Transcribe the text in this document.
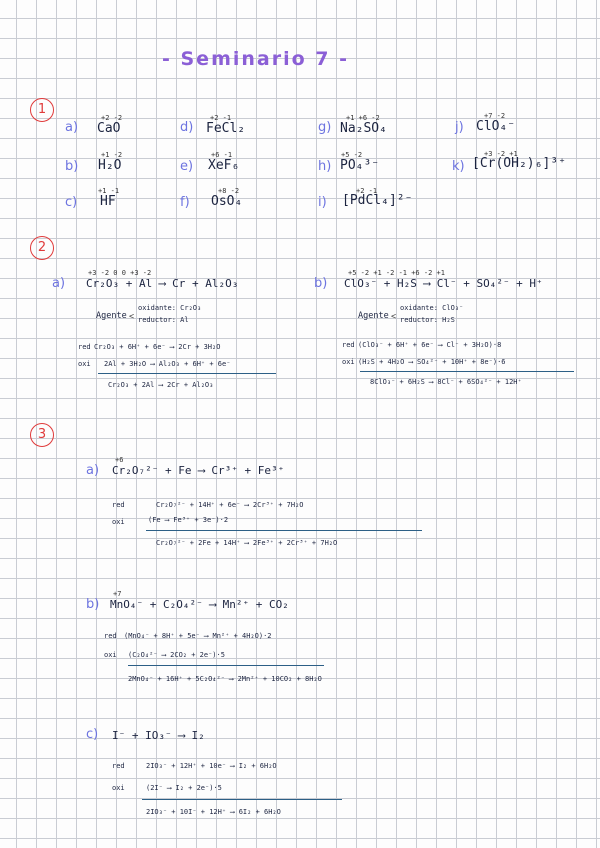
- Seminario 7 -
1
a)
+2 -2
CaO	d)
+2 -1
FeCl₂	g)
+1 +6 -2
Na₂SO₄	j)
+7 -2
ClO₄⁻
b)
+1 -2
H₂O	e)
+6 -1
XeF₆	h)
+5 -2
PO₄³⁻	k)
+3 -2 +1
[Cr(OH₂)₆]³⁺
c)
+1 -1
HF	f)
+8 -2
OsO₄	i)
+2 -1
[PdCl₄]²⁻
2
a)
+3 -2 0 0 +3 -2
Cr₂O₃ + Al ⟶ Cr + Al₂O₃
Agente <
oxidante: Cr₂O₃
reductor: Al
red Cr₂O₃ + 6H⁺ + 6e⁻ ⟶ 2Cr + 3H₂O
oxi 2Al + 3H₂O ⟶ Al₂O₃ + 6H⁺ + 6e⁻
Cr₂O₃ + 2Al ⟶ 2Cr + Al₂O₃
b)
+5 -2 +1 -2 -1 +6 -2 +1
ClO₃⁻ + H₂S ⟶ Cl⁻ + SO₄²⁻ + H⁺
Agente <
oxidante: ClO₃⁻
reductor: H₂S
red (ClO₃⁻ + 6H⁺ + 6e⁻ ⟶ Cl⁻ + 3H₂O)·8
oxi (H₂S + 4H₂O ⟶ SO₄²⁻ + 10H⁺ + 8e⁻)·6
8ClO₃⁻ + 6H₂S ⟶ 8Cl⁻ + 6SO₄²⁻ + 12H⁺
3
a)
+6
Cr₂O₇²⁻ + Fe ⟶ Cr³⁺ + Fe³⁺
red	Cr₂O₇²⁻ + 14H⁺ + 6e⁻ ⟶ 2Cr³⁺ + 7H₂O
oxi	(Fe ⟶ Fe³⁺ + 3e⁻)·2
Cr₂O₇²⁻ + 2Fe + 14H⁺ ⟶ 2Fe³⁺ + 2Cr³⁺ + 7H₂O
b)
+7
MnO₄⁻ + C₂O₄²⁻ ⟶ Mn²⁺ + CO₂
red (MnO₄⁻ + 8H⁺ + 5e⁻ ⟶ Mn²⁺ + 4H₂O)·2
oxi (C₂O₄²⁻ ⟶ 2CO₂ + 2e⁻)·5
2MnO₄⁻ + 16H⁺ + 5C₂O₄²⁻ ⟶ 2Mn²⁺ + 10CO₂ + 8H₂O
c) I⁻ + IO₃⁻ ⟶ I₂
red	2IO₃⁻ + 12H⁺ + 10e⁻ ⟶ I₂ + 6H₂O
oxi	(2I⁻ ⟶ I₂ + 2e⁻)·5
2IO₃⁻ + 10I⁻ + 12H⁺ ⟶ 6I₂ + 6H₂O
